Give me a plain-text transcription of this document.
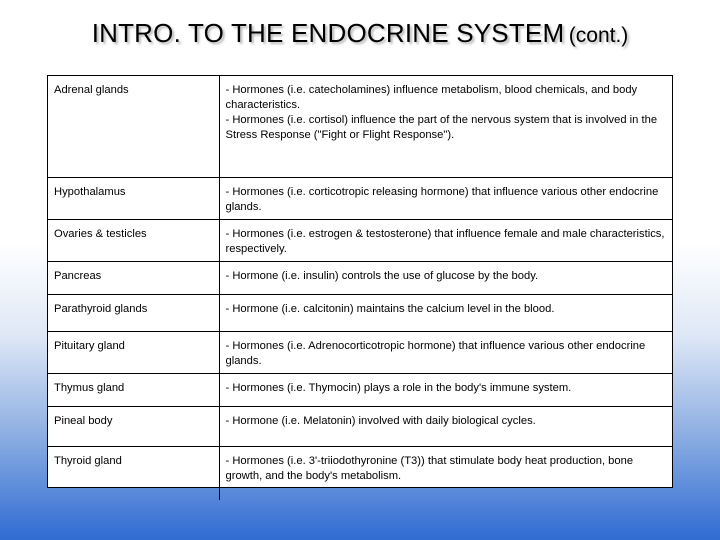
INTRO. TO THE ENDOCRINE SYSTEM (cont.)
Adrenal glands	- Hormones (i.e. catecholamines) influence metabolism, blood chemicals, and body characteristics.
- Hormones (i.e. cortisol) influence the part of the nervous system that is involved in the Stress Response ("Fight or Flight Response").

Hypothalamus	- Hormones (i.e. corticotropic releasing hormone) that influence various other endocrine glands.

Ovaries & testicles	- Hormones (i.e. estrogen & testosterone) that influence female and male characteristics, respectively.

Pancreas	- Hormone (i.e. insulin) controls the use of glucose by the body.

Parathyroid glands	- Hormone (i.e. calcitonin) maintains the calcium level in the blood.

Pituitary gland	- Hormones (i.e. Adrenocorticotropic hormone) that influence various other endocrine glands.

Thymus gland	- Hormones (i.e. Thymocin) plays a role in the body's immune system.

Pineal body	- Hormone (i.e. Melatonin) involved with daily biological cycles.

Thyroid gland	- Hormones (i.e. 3'-triiodothyronine (T3)) that stimulate body heat production, bone growth, and the body's metabolism.
